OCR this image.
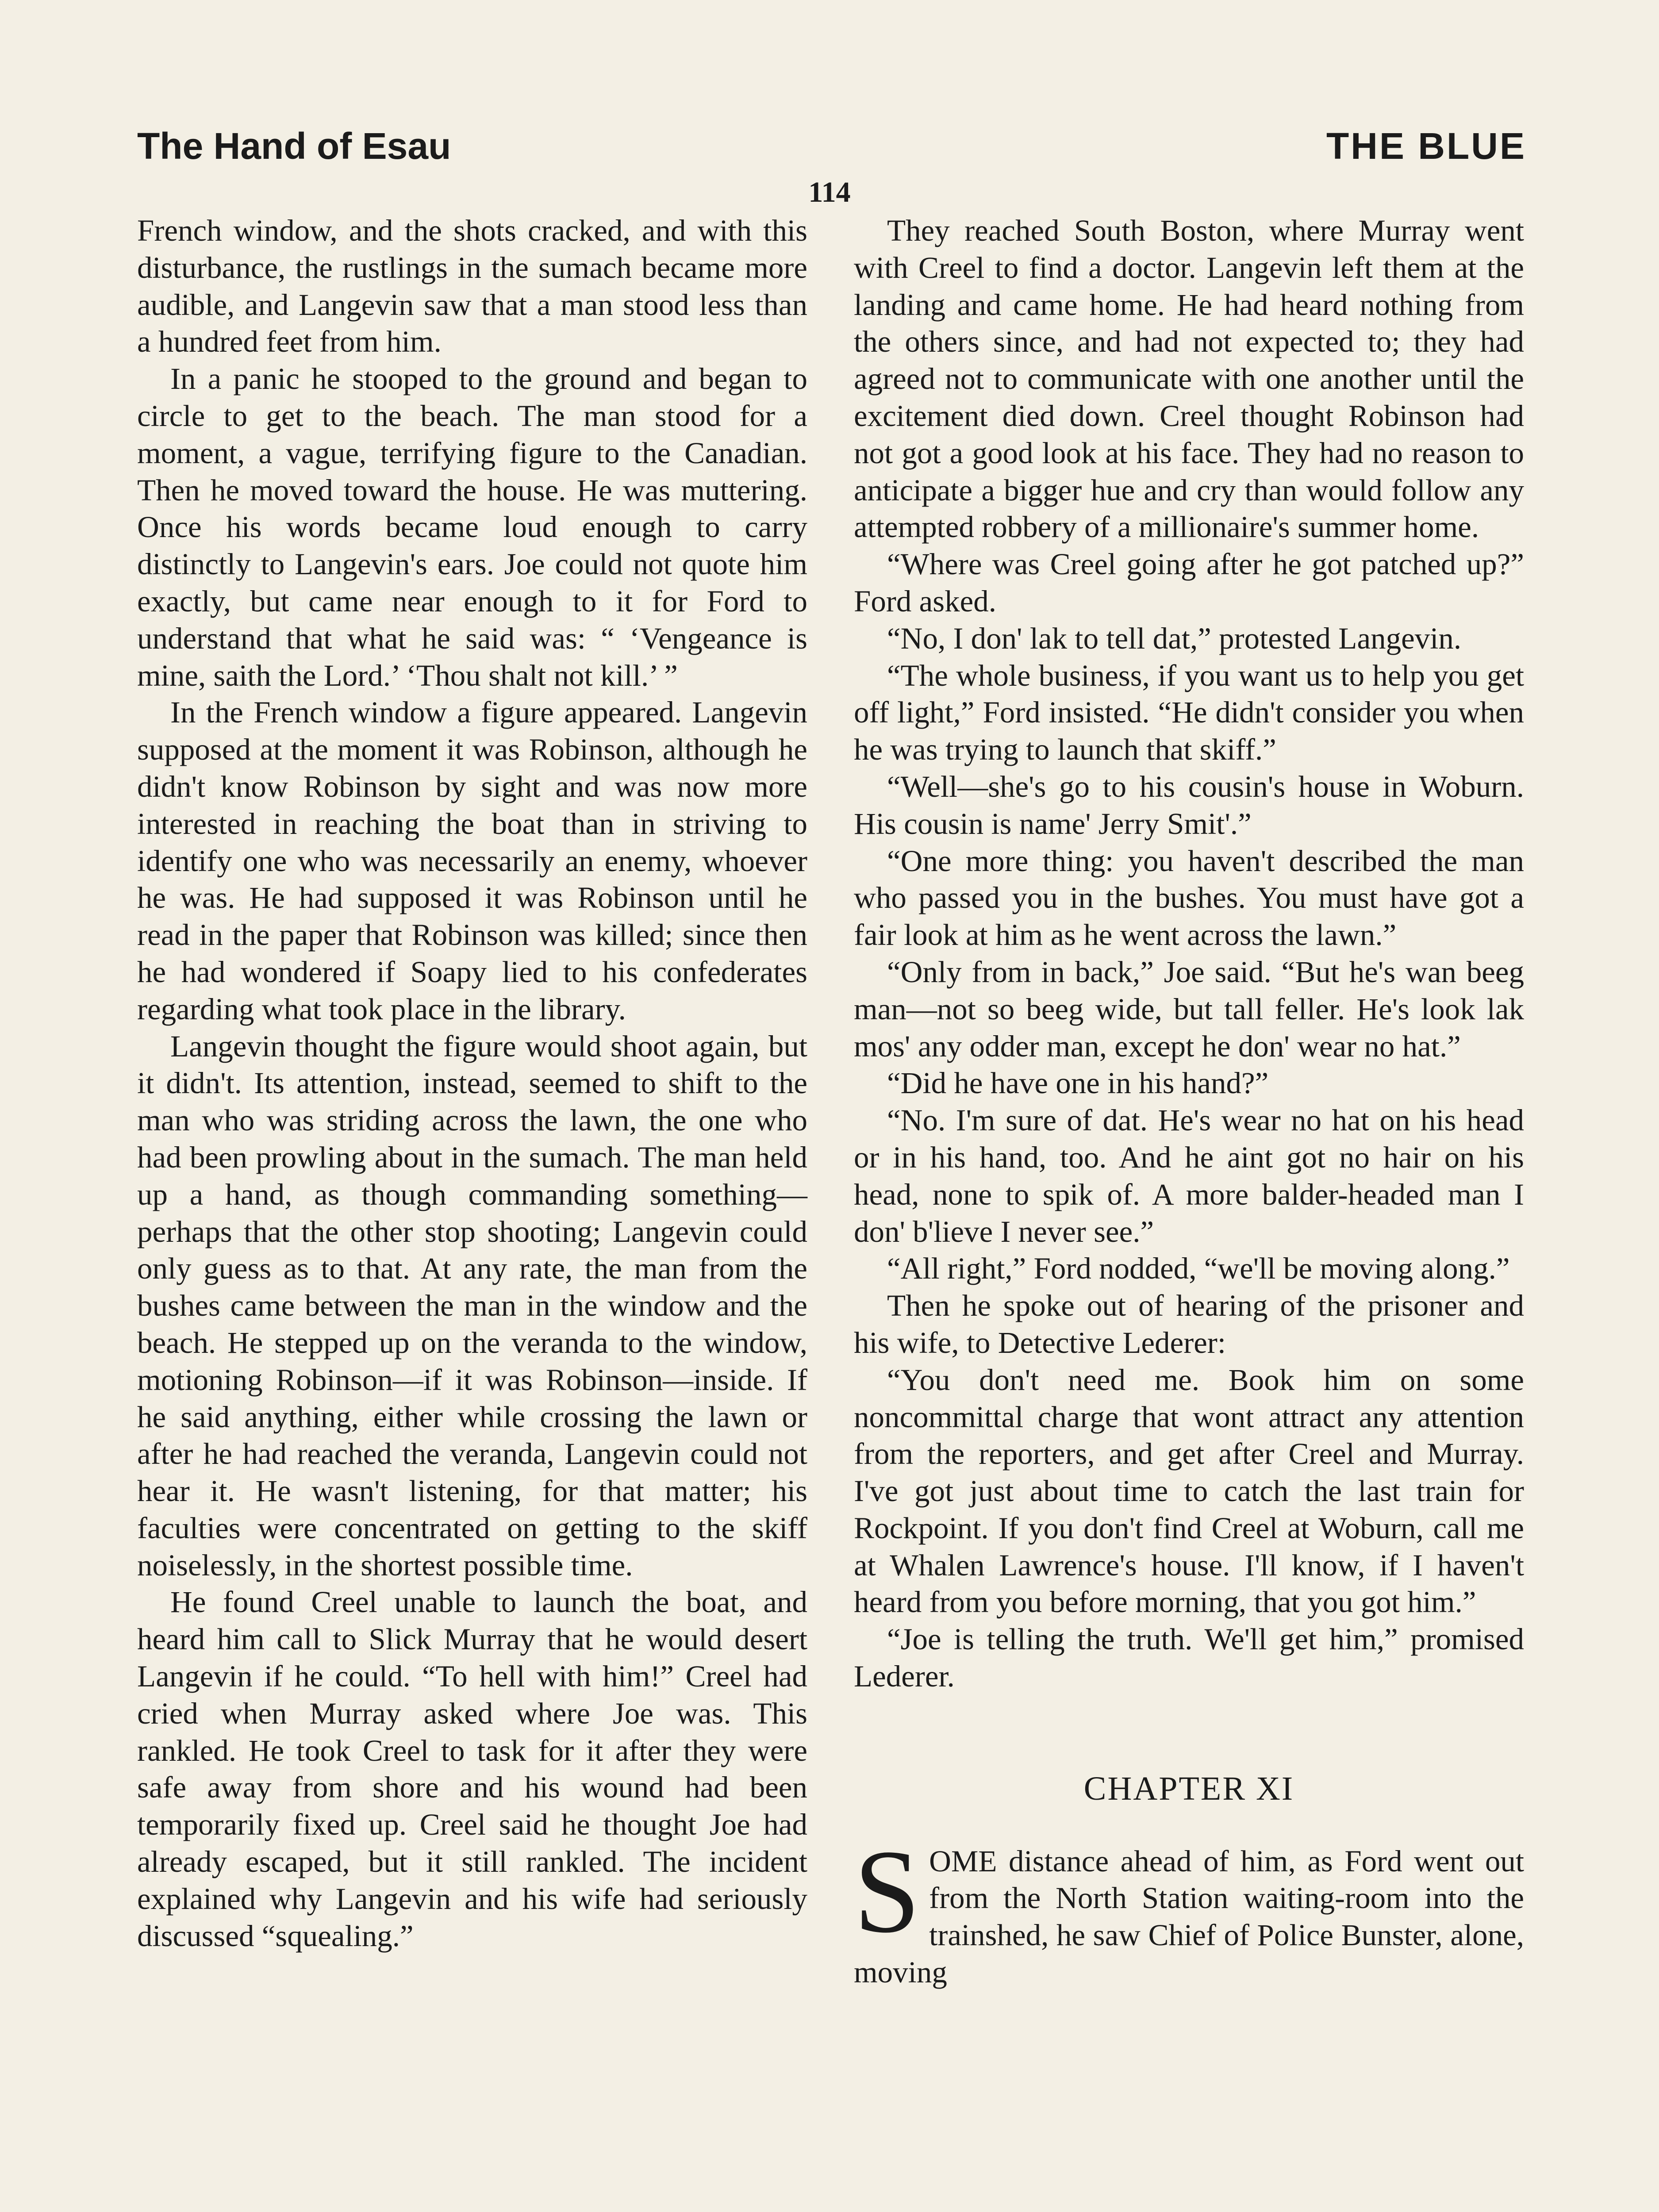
The Hand of Esau	THE BLUE
114

French window, and the shots cracked, and with this disturbance, the rustlings in the sumach became more audible, and Langevin saw that a man stood less than a hundred feet from him.

In a panic he stooped to the ground and began to circle to get to the beach. The man stood for a moment, a vague, terrifying figure to the Canadian. Then he moved toward the house. He was muttering. Once his words became loud enough to carry distinctly to Langevin's ears. Joe could not quote him exactly, but came near enough to it for Ford to understand that what he said was: “ ‘Vengeance is mine, saith the Lord.’ ‘Thou shalt not kill.’ ”

In the French window a figure appeared. Langevin supposed at the moment it was Robinson, although he didn't know Robinson by sight and was now more interested in reaching the boat than in striving to identify one who was necessarily an enemy, whoever he was. He had supposed it was Robinson until he read in the paper that Robinson was killed; since then he had wondered if Soapy lied to his confederates regarding what took place in the library.

Langevin thought the figure would shoot again, but it didn't. Its attention, instead, seemed to shift to the man who was striding across the lawn, the one who had been prowling about in the sumach. The man held up a hand, as though commanding something—perhaps that the other stop shooting; Langevin could only guess as to that. At any rate, the man from the bushes came between the man in the window and the beach. He stepped up on the veranda to the window, motioning Robinson—if it was Robinson—inside. If he said anything, either while crossing the lawn or after he had reached the veranda, Langevin could not hear it. He wasn't listening, for that matter; his faculties were concentrated on getting to the skiff noiselessly, in the shortest possible time.

He found Creel unable to launch the boat, and heard him call to Slick Murray that he would desert Langevin if he could. “To hell with him!” Creel had cried when Murray asked where Joe was. This rankled. He took Creel to task for it after they were safe away from shore and his wound had been temporarily fixed up. Creel said he thought Joe had already escaped, but it still rankled. The incident explained why Langevin and his wife had seriously discussed “squealing.”

They reached South Boston, where Murray went with Creel to find a doctor. Langevin left them at the landing and came home. He had heard nothing from the others since, and had not expected to; they had agreed not to communicate with one another until the excitement died down. Creel thought Robinson had not got a good look at his face. They had no reason to anticipate a bigger hue and cry than would follow any attempted robbery of a millionaire's summer home.

“Where was Creel going after he got patched up?” Ford asked.

“No, I don' lak to tell dat,” protested Langevin.

“The whole business, if you want us to help you get off light,” Ford insisted. “He didn't consider you when he was trying to launch that skiff.”

“Well—she's go to his cousin's house in Woburn. His cousin is name' Jerry Smit'.”

“One more thing: you haven't described the man who passed you in the bushes. You must have got a fair look at him as he went across the lawn.”

“Only from in back,” Joe said. “But he's wan beeg man—not so beeg wide, but tall feller. He's look lak mos' any odder man, except he don' wear no hat.”

“Did he have one in his hand?”

“No. I'm sure of dat. He's wear no hat on his head or in his hand, too. And he aint got no hair on his head, none to spik of. A more balder-headed man I don' b'lieve I never see.”

“All right,” Ford nodded, “we'll be moving along.”

Then he spoke out of hearing of the prisoner and his wife, to Detective Lederer:

“You don't need me. Book him on some noncommittal charge that wont attract any attention from the reporters, and get after Creel and Murray. I've got just about time to catch the last train for Rockpoint. If you don't find Creel at Woburn, call me at Whalen Lawrence's house. I'll know, if I haven't heard from you before morning, that you got him.”

“Joe is telling the truth. We'll get him,” promised Lederer.

CHAPTER XI

SOME distance ahead of him, as Ford went out from the North Station waiting-room into the trainshed, he saw Chief of Police Bunster, alone, moving
